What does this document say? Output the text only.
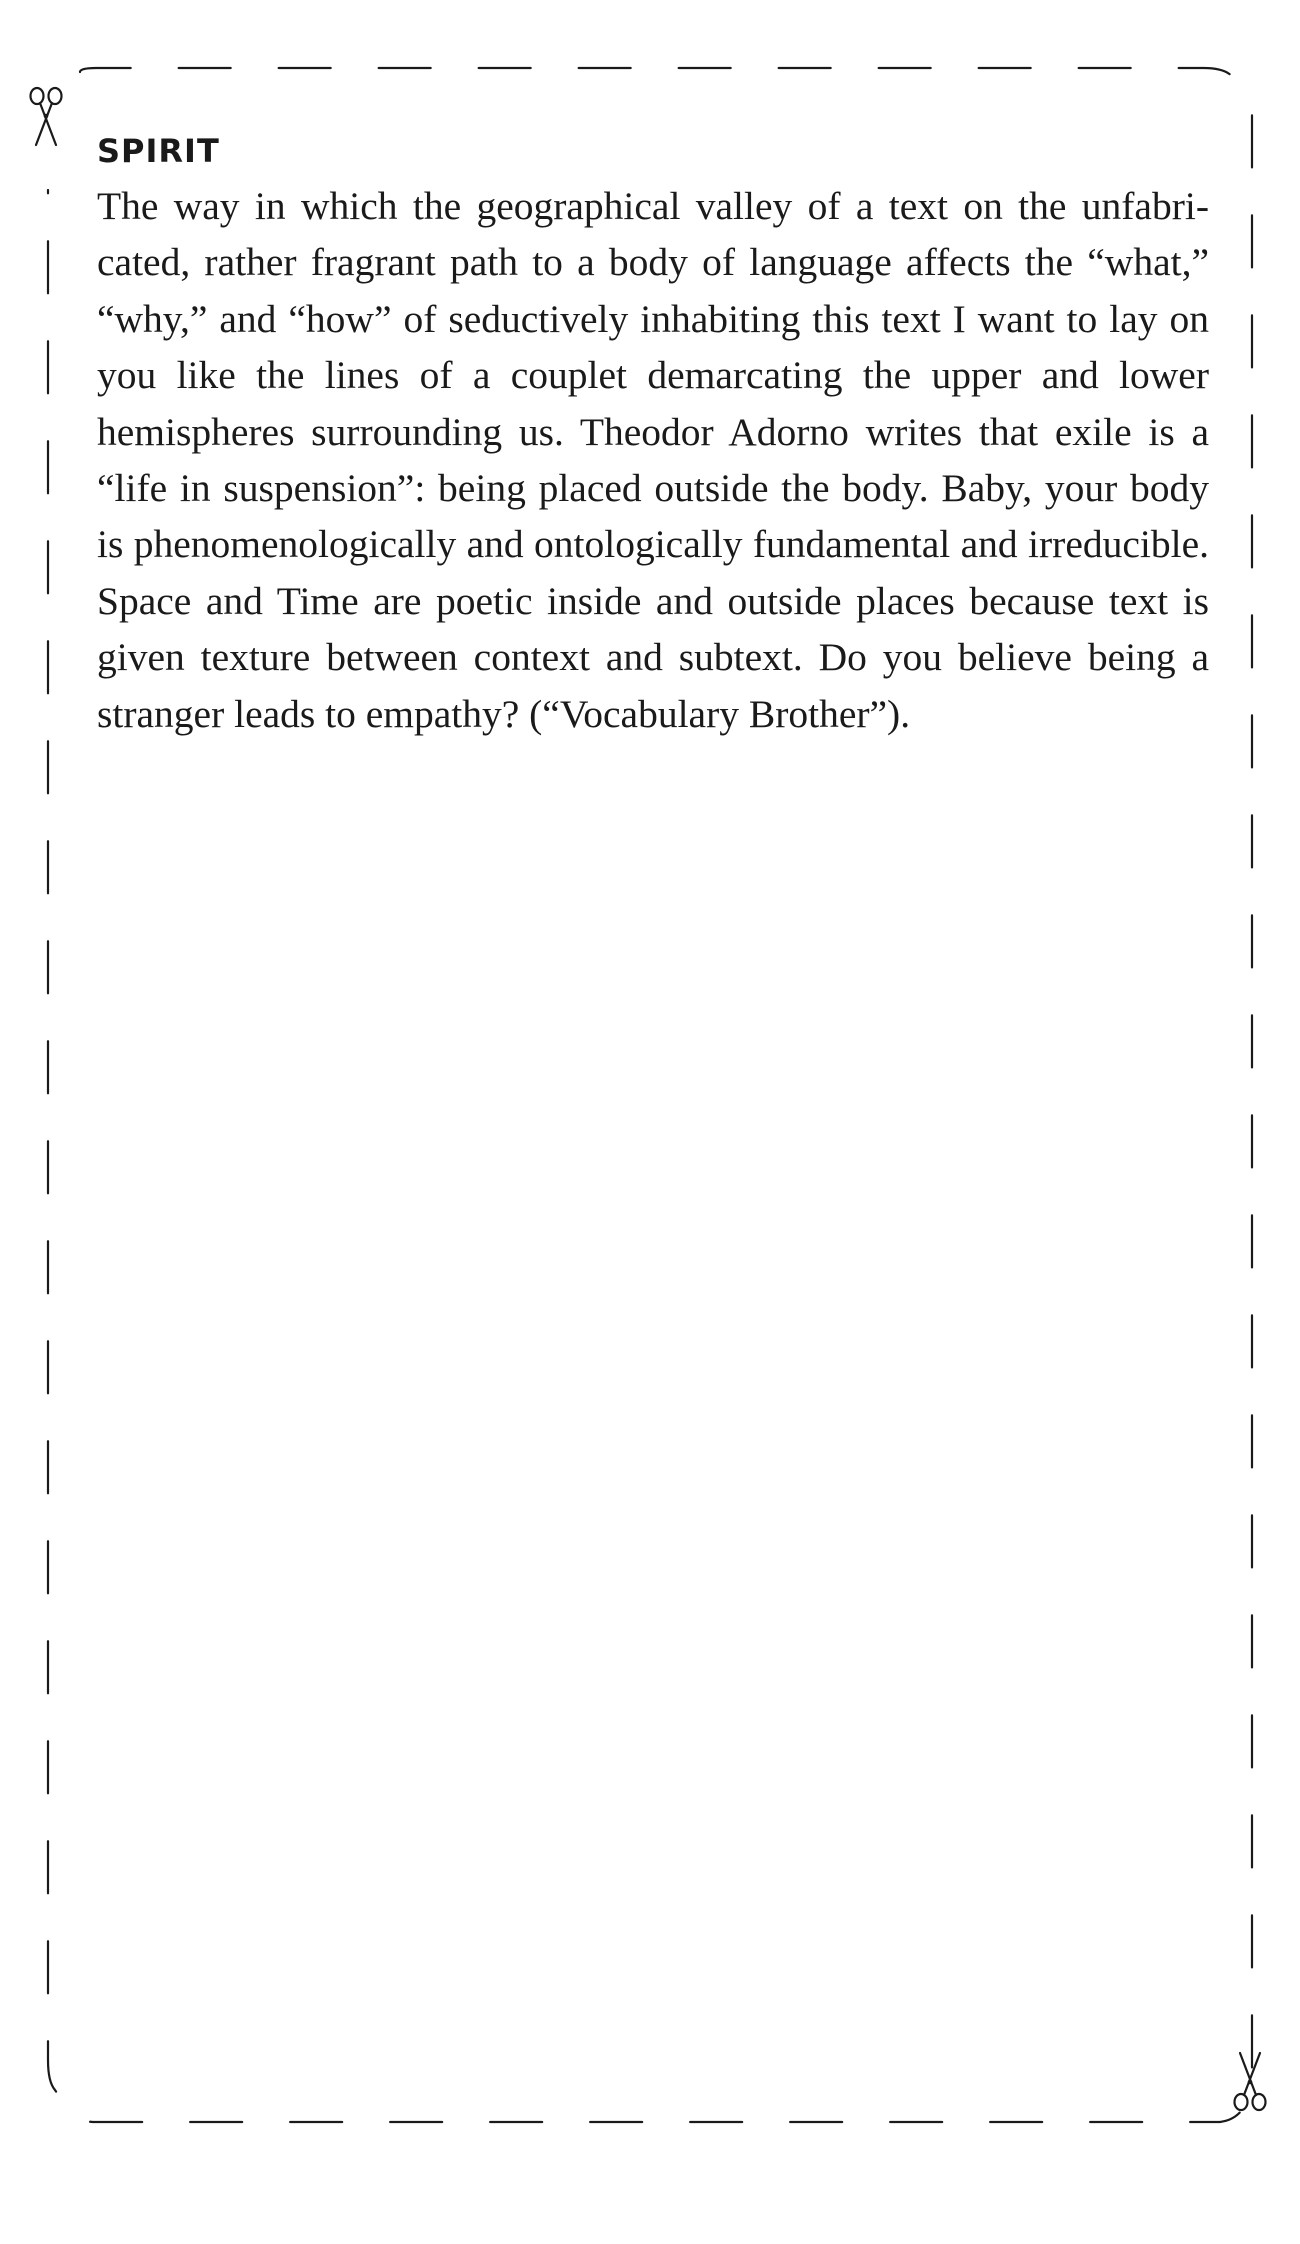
SPIRIT
The way in which the geographical valley of a text on the unfabricated, rather fragrant path to a body of language affects the “what,” “why,” and “how” of seductively inhabiting this text I want to lay on you like the lines of a couplet demarcating the upper and lower hemispheres surrounding us. Theodor Adorno writes that exile is a “life in suspension”: being placed outside the body. Baby, your body is phenomenologically and ontologically fundamental and irreducible. Space and Time are poetic inside and outside places because text is given texture between context and subtext. Do you believe being a stranger leads to empathy? (“Vocabulary Brother”).
